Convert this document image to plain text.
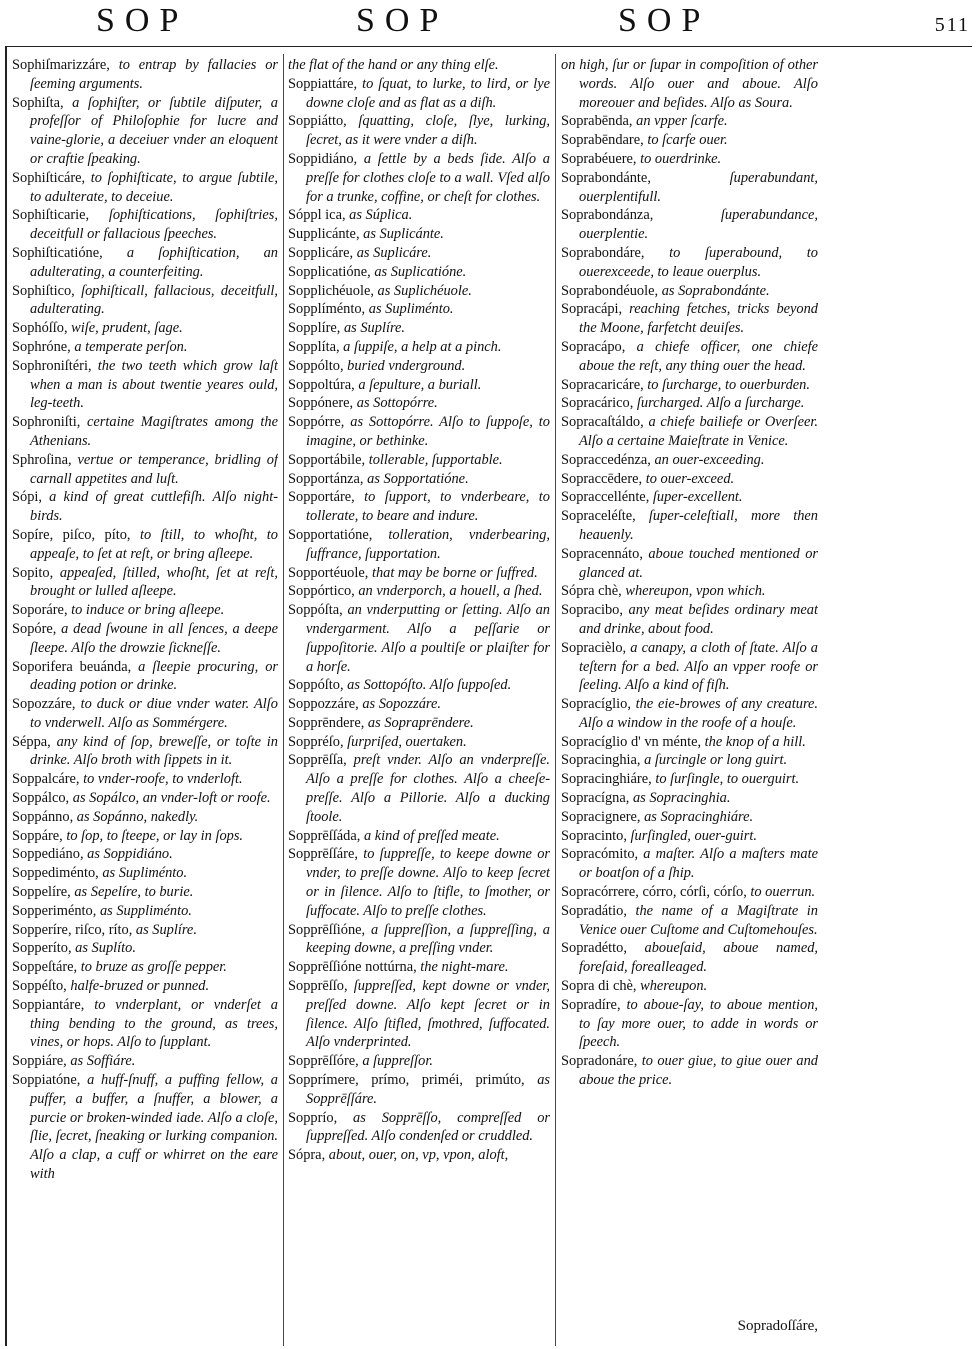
SOP	SOP	SOP	511

Sophiſmarizzáre, to entrap by fallacies or ſeeming arguments.

Sophiſta, a ſophiſter, or ſubtile diſputer, a profeſſor of Philoſophie for lucre and vaine-glorie, a deceiuer vnder an eloquent or craftie ſpeaking.

Sophiſticáre, to ſophiſticate, to argue ſubtile, to adulterate, to deceiue.

Sophiſticarie, ſophiſtications, ſophiſtries, deceitfull or fallacious ſpeeches.

Sophiſticatióne, a ſophiſtication, an adulterating, a counterfeiting.

Sophiſtico, ſophiſticall, fallacious, deceitfull, adulterating.

Sophóſſo, wiſe, prudent, ſage.

Sophróne, a temperate perſon.

Sophroniſtéri, the two teeth which grow laſt when a man is about twentie yeares ould, leg-teeth.

Sophroniſti, certaine Magiſtrates among the Athenians.

Sphroſina, vertue or temperance, bridling of carnall appetites and luſt.

Sópi, a kind of great cuttlefiſh. Alſo night-birds.

Sopíre, piſco, píto, to ſtill, to whoſht, to appeaſe, to ſet at reſt, or bring aſleepe.

Sopito, appeaſed, ſtilled, whoſht, ſet at reſt, brought or lulled aſleepe.

Soporáre, to induce or bring aſleepe.

Sopóre, a dead ſwoune in all ſences, a deepe ſleepe. Alſo the drowzie ſickneſſe.

Soporifera beuánda, a ſleepie procuring, or deading potion or drinke.

Sopozzáre, to duck or diue vnder water. Alſo to vnderwell. Alſo as Sommérgere.

Séppa, any kind of ſop, breweſſe, or toſte in drinke. Alſo broth with ſippets in it.

Soppalcáre, to vnder-roofe, to vnderloft.

Soppálco, as Sopálco, an vnder-loft or roofe.

Soppánno, as Sopánno, nakedly.

Soppáre, to ſop, to ſteepe, or lay in ſops.

Soppediáno, as Soppidiáno.

Soppediménto, as Supliménto.

Soppelíre, as Sepelíre, to burie.

Sopperiménto, as Suppliménto.

Sopperíre, riſco, ríto, as Suplíre.

Sopperíto, as Suplíto.

Soppeſtáre, to bruze as groſſe pepper.

Soppéſto, halfe-bruzed or punned.

Soppiantáre, to vnderplant, or vnderſet a thing bending to the ground, as trees, vines, or hops. Alſo to ſupplant.

Soppiáre, as Soffiáre.

Soppiatóne, a huff-ſnuff, a puffing fellow, a puffer, a buffer, a ſnuffer, a blower, a purcie or broken-winded iade. Alſo a cloſe, ſlie, ſecret, ſneaking or lurking companion. Alſo a clap, a cuff or whirret on the eare with

the flat of the hand or any thing elſe.

Soppiattáre, to ſquat, to lurke, to lird, or lye downe cloſe and as flat as a diſh.

Soppiátto, ſquatting, cloſe, ſlye, lurking, ſecret, as it were vnder a diſh.

Soppidiáno, a ſettle by a beds ſide. Alſo a preſſe for clothes cloſe to a wall. Vſed alſo for a trunke, coffine, or cheſt for clothes.

Sóppl ica, as Súplica.

Supplicánte, as Suplicánte.

Sopplicáre, as Suplicáre.

Sopplicatióne, as Suplicatióne.

Sopplichéuole, as Suplichéuole.

Sopplíménto, as Supliménto.

Sopplíre, as Suplíre.

Sopplíta, a ſuppiſe, a help at a pinch.

Soppólto, buried vnderground.

Soppoltúra, a ſepulture, a buriall.

Soppónere, as Sottopórre.

Soppórre, as Sottopórre. Alſo to ſuppoſe, to imagine, or bethinke.

Sopportábile, tollerable, ſupportable.

Sopportánza, as Sopportatióne.

Sopportáre, to ſupport, to vnderbeare, to tollerate, to beare and indure.

Sopportatióne, tolleration, vnderbearing, ſuffrance, ſupportation.

Sopportéuole, that may be borne or ſuffred.

Soppórtico, an vnderporch, a houell, a ſhed.

Soppóſta, an vnderputting or ſetting. Alſo an vndergarment. Alſo a peſſarie or ſuppoſitorie. Alſo a poultiſe or plaiſter for a horſe.

Soppóſto, as Sottopóſto. Alſo ſuppoſed.

Soppozzáre, as Sopozzáre.

Sopprēndere, as Sopraprēndere.

Soppréſo, ſurpriſed, ouertaken.

Sopprēſſa, preſt vnder. Alſo an vnderpreſſe. Alſo a preſſe for clothes. Alſo a cheeſe-preſſe. Alſo a Pillorie. Alſo a ducking ſtoole.

Sopprēſſáda, a kind of preſſed meate.

Sopprēſſáre, to ſuppreſſe, to keepe downe or vnder, to preſſe downe. Alſo to keep ſecret or in ſilence. Alſo to ſtifle, to ſmother, or ſuffocate. Alſo to preſſe clothes.

Sopprēſſióne, a ſuppreſſion, a ſuppreſſing, a keeping downe, a preſſing vnder.

Sopprēſſióne nottúrna, the night-mare.

Sopprēſſo, ſuppreſſed, kept downe or vnder, preſſed downe. Alſo kept ſecret or in ſilence. Alſo ſtifled, ſmothred, ſuffocated. Alſo vnderprinted.

Sopprēſſóre, a ſuppreſſor.

Sopprímere, prímo, priméi, primúto, as Sopprēſſáre.

Sopprío, as Sopprēſſo, compreſſed or ſuppreſſed. Alſo condenſed or cruddled.

Sópra, about, ouer, on, vp, vpon, aloft,

on high, ſur or ſupar in compoſition of other words. Alſo ouer and aboue. Alſo moreouer and beſides. Alſo as Soura.

Soprabēnda, an vpper ſcarfe.

Soprabēndare, to ſcarfe ouer.

Soprabéuere, to ouerdrinke.

Soprabondánte, ſuperabundant, ouerplentifull.

Soprabondánza, ſuperabundance, ouerplentie.

Soprabondáre, to ſuperabound, to ouerexceede, to leaue ouerplus.

Soprabondéuole, as Soprabondánte.

Sopracápi, reaching fetches, tricks beyond the Moone, farfetcht deuiſes.

Sopracápo, a chiefe officer, one chiefe aboue the reſt, any thing ouer the head.

Sopracaricáre, to ſurcharge, to ouerburden.

Sopracárico, ſurcharged. Alſo a ſurcharge.

Sopracaſtáldo, a chiefe bailiefe or Overſeer. Alſo a certaine Maieſtrate in Venice.

Sopraccedénza, an ouer-exceeding.

Sopraccēdere, to ouer-exceed.

Sopraccellénte, ſuper-excellent.

Sopraceléſte, ſuper-celeſtiall, more then heauenly.

Sopracennáto, aboue touched mentioned or glanced at.

Sópra chè, whereupon, vpon which.

Sopracibo, any meat beſides ordinary meat and drinke, about food.

Sopracièlo, a canapy, a cloth of ſtate. Alſo a teſtern for a bed. Alſo an vpper roofe or ſeeling. Alſo a kind of fiſh.

Sopracíglio, the eie-browes of any creature. Alſo a window in the roofe of a houſe.

Sopracíglio d' vn ménte, the knop of a hill.

Sopracinghia, a ſurcingle or long guirt.

Sopracinghiáre, to ſurſingle, to ouerguirt.

Sopracígna, as Sopracinghia.

Sopracignere, as Sopracinghiáre.

Sopracinto, ſurſingled, ouer-guirt.

Sopracómito, a maſter. Alſo a maſters mate or boatſon of a ſhip.

Sopracórrere, córro, córſi, córſo, to ouerrun.

Sopradátio, the name of a Magiſtrate in Venice ouer Cuſtome and Cuſtomehouſes.

Sopradétto, aboueſaid, aboue named, foreſaid, forealleaged.

Sopra di chè, whereupon.

Sopradíre, to aboue-ſay, to aboue mention, to ſay more ouer, to adde in words or ſpeech.

Sopradonáre, to ouer giue, to giue ouer and aboue the price.

Sopradoſſáre,
